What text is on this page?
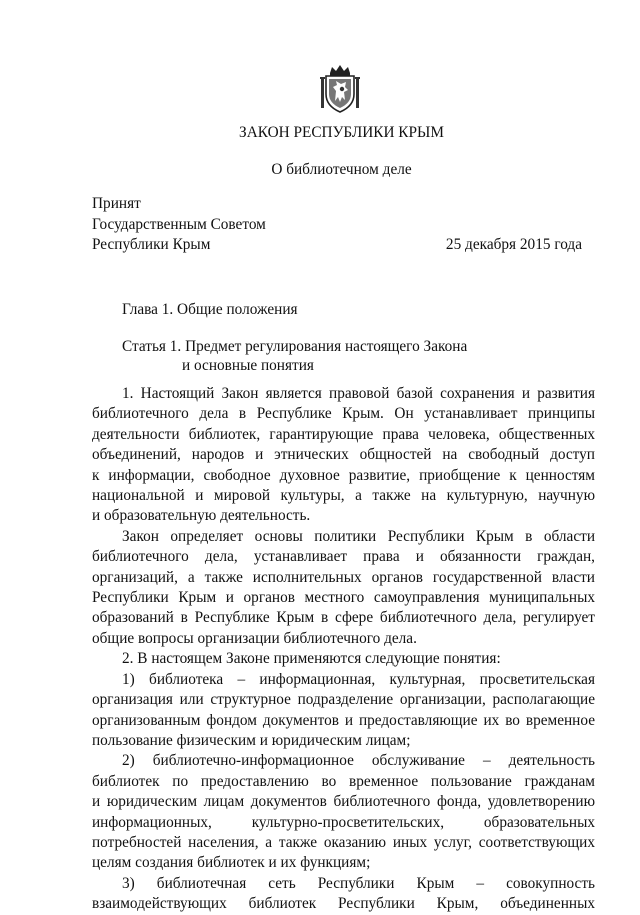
ЗАКОН РЕСПУБЛИКИ КРЫМ
О библиотечном деле
Принят
Государственным Советом
Республики Крым	25 декабря 2015 года
Глава 1. Общие положения
Статья 1. Предмет регулирования настоящего Закона
и основные понятия
1. Настоящий Закон является правовой базой сохранения и развития
библиотечного дела в Республике Крым. Он устанавливает принципы
деятельности библиотек, гарантирующие права человека, общественных
объединений, народов и этнических общностей на свободный доступ
к информации, свободное духовное развитие, приобщение к ценностям
национальной и мировой культуры, а также на культурную, научную
и образовательную деятельность.
Закон определяет основы политики Республики Крым в области
библиотечного дела, устанавливает права и обязанности граждан,
организаций, а также исполнительных органов государственной власти
Республики Крым и органов местного самоуправления муниципальных
образований в Республике Крым в сфере библиотечного дела, регулирует
общие вопросы организации библиотечного дела.
2. В настоящем Законе применяются следующие понятия:
1) библиотека – информационная, культурная, просветительская
организация или структурное подразделение организации, располагающие
организованным фондом документов и предоставляющие их во временное
пользование физическим и юридическим лицам;
2) библиотечно-информационное обслуживание – деятельность
библиотек по предоставлению во временное пользование гражданам
и юридическим лицам документов библиотечного фонда, удовлетворению
информационных, культурно-просветительских, образовательных
потребностей населения, а также оказанию иных услуг, соответствующих
целям создания библиотек и их функциям;
3) библиотечная сеть Республики Крым – совокупность
взаимодействующих библиотек Республики Крым, объединенных
